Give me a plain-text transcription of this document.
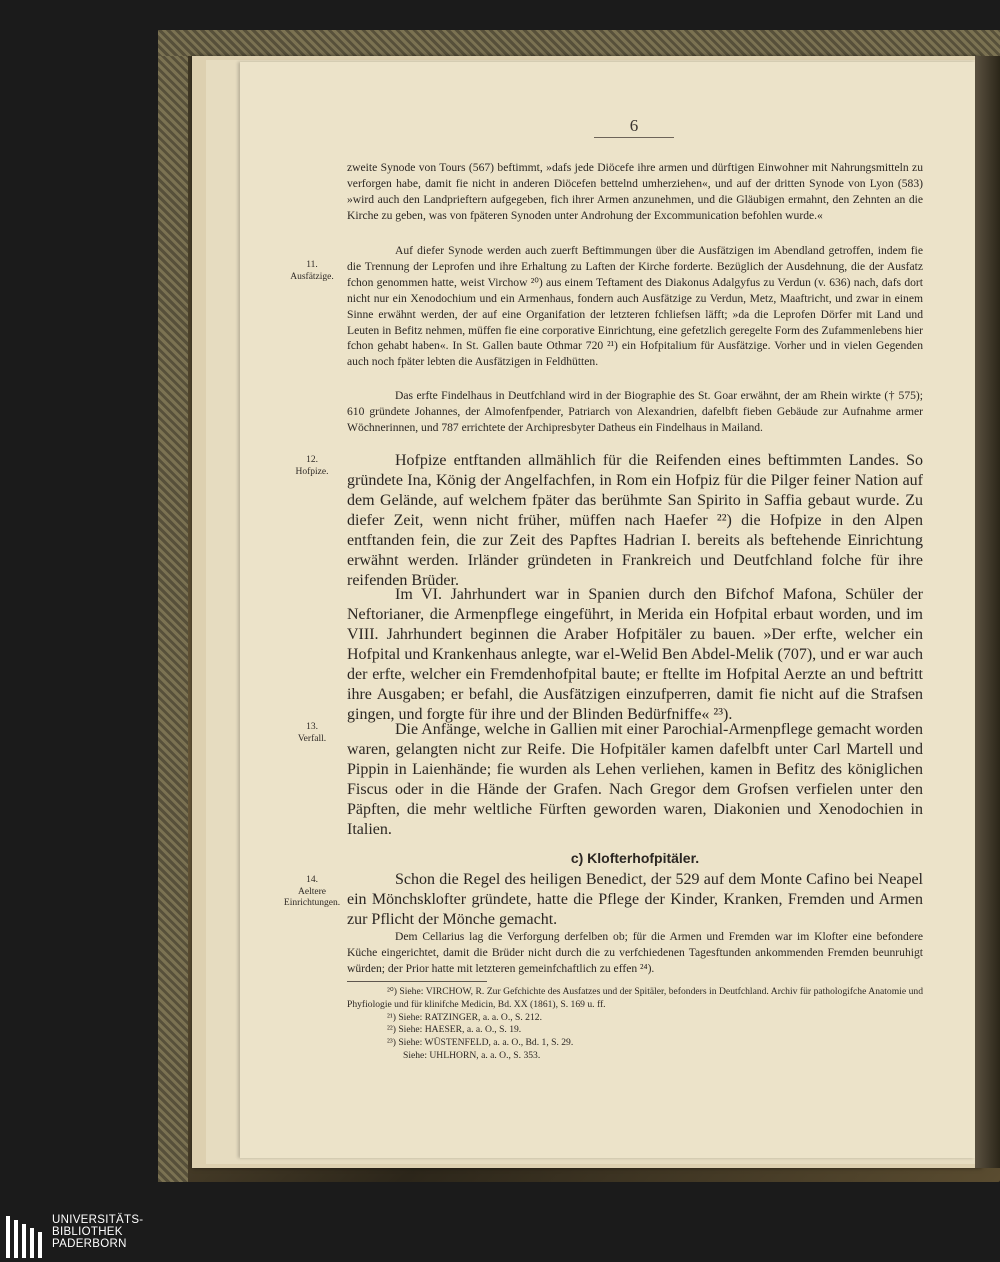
6

zweite Synode von Tours (567) beftimmt, »dafs jede Diöcefe ihre armen und dürftigen Einwohner mit Nahrungsmitteln zu verforgen habe, damit fie nicht in anderen Diöcefen bettelnd umherziehen«, und auf der dritten Synode von Lyon (583) »wird auch den Landprieftern aufgegeben, fich ihrer Armen anzunehmen, und die Gläubigen ermahnt, den Zehnten an die Kirche zu geben, was von fpäteren Synoden unter Androhung der Excommunication befohlen wurde.«

11.
Ausfätzige.

Auf diefer Synode werden auch zuerft Beftimmungen über die Ausfätzigen im Abendland getroffen, indem fie die Trennung der Leprofen und ihre Erhaltung zu Laften der Kirche forderte. Bezüglich der Ausdehnung, die der Ausfatz fchon genommen hatte, weist Virchow ²⁰) aus einem Teftament des Diakonus Adalgyfus zu Verdun (v. 636) nach, dafs dort nicht nur ein Xenodochium und ein Armenhaus, fondern auch Ausfätzige zu Verdun, Metz, Maaftricht, und zwar in einem Sinne erwähnt werden, der auf eine Organifation der letzteren fchliefsen läfft; »da die Leprofen Dörfer mit Land und Leuten in Befitz nehmen, müffen fie eine corporative Einrichtung, eine gefetzlich geregelte Form des Zufammenlebens hier fchon gehabt haben«. In St. Gallen baute Othmar 720 ²¹) ein Hofpitalium für Ausfätzige. Vorher und in vielen Gegenden auch noch fpäter lebten die Ausfätzigen in Feldhütten.

Das erfte Findelhaus in Deutfchland wird in der Biographie des St. Goar erwähnt, der am Rhein wirkte († 575); 610 gründete Johannes, der Almofenfpender, Patriarch von Alexandrien, dafelbft fieben Gebäude zur Aufnahme armer Wöchnerinnen, und 787 errichtete der Archipresbyter Datheus ein Findelhaus in Mailand.

12.
Hofpize.

Hofpize entftanden allmählich für die Reifenden eines beftimmten Landes. So gründete Ina, König der Angelfachfen, in Rom ein Hofpiz für die Pilger feiner Nation auf dem Gelände, auf welchem fpäter das berühmte San Spirito in Saffia gebaut wurde. Zu diefer Zeit, wenn nicht früher, müffen nach Haefer ²²) die Hofpize in den Alpen entftanden fein, die zur Zeit des Papftes Hadrian I. bereits als beftehende Einrichtung erwähnt werden. Irländer gründeten in Frankreich und Deutfchland folche für ihre reifenden Brüder.

Im VI. Jahrhundert war in Spanien durch den Bifchof Mafona, Schüler der Neftorianer, die Armenpflege eingeführt, in Merida ein Hofpital erbaut worden, und im VIII. Jahrhundert beginnen die Araber Hofpitäler zu bauen. »Der erfte, welcher ein Hofpital und Krankenhaus anlegte, war el-Welid Ben Abdel-Melik (707), und er war auch der erfte, welcher ein Fremdenhofpital baute; er ftellte im Hofpital Aerzte an und beftritt ihre Ausgaben; er befahl, die Ausfätzigen einzufperren, damit fie nicht auf die Strafsen gingen, und forgte für ihre und der Blinden Bedürfniffe« ²³).

13.
Verfall.

Die Anfänge, welche in Gallien mit einer Parochial-Armenpflege gemacht worden waren, gelangten nicht zur Reife. Die Hofpitäler kamen dafelbft unter Carl Martell und Pippin in Laienhände; fie wurden als Lehen verliehen, kamen in Befitz des königlichen Fiscus oder in die Hände der Grafen. Nach Gregor dem Grofsen verfielen unter den Päpften, die mehr weltliche Fürften geworden waren, Diakonien und Xenodochien in Italien.

c) Klofterhofpitäler.
14.
Aeltere
Einrichtungen.

Schon die Regel des heiligen Benedict, der 529 auf dem Monte Cafino bei Neapel ein Mönchsklofter gründete, hatte die Pflege der Kinder, Kranken, Fremden und Armen zur Pflicht der Mönche gemacht.

Dem Cellarius lag die Verforgung derfelben ob; für die Armen und Fremden war im Klofter eine befondere Küche eingerichtet, damit die Brüder nicht durch die zu verfchiedenen Tagesftunden ankommenden Fremden beunruhigt würden; der Prior hatte mit letzteren gemeinfchaftlich zu effen ²⁴).

²⁰) Siehe: VIRCHOW, R. Zur Gefchichte des Ausfatzes und der Spitäler, befonders in Deutfchland. Archiv für pathologifche Anatomie und Phyfiologie und für klinifche Medicin, Bd. XX (1861), S. 169 u. ff.
²¹) Siehe: RATZINGER, a. a. O., S. 212.
²²) Siehe: HAESER, a. a. O., S. 19.
²³) Siehe: WÜSTENFELD, a. a. O., Bd. 1, S. 29.
Siehe: UHLHORN, a. a. O., S. 353.
UNIVERSITÄTS-
BIBLIOTHEK
PADERBORN
